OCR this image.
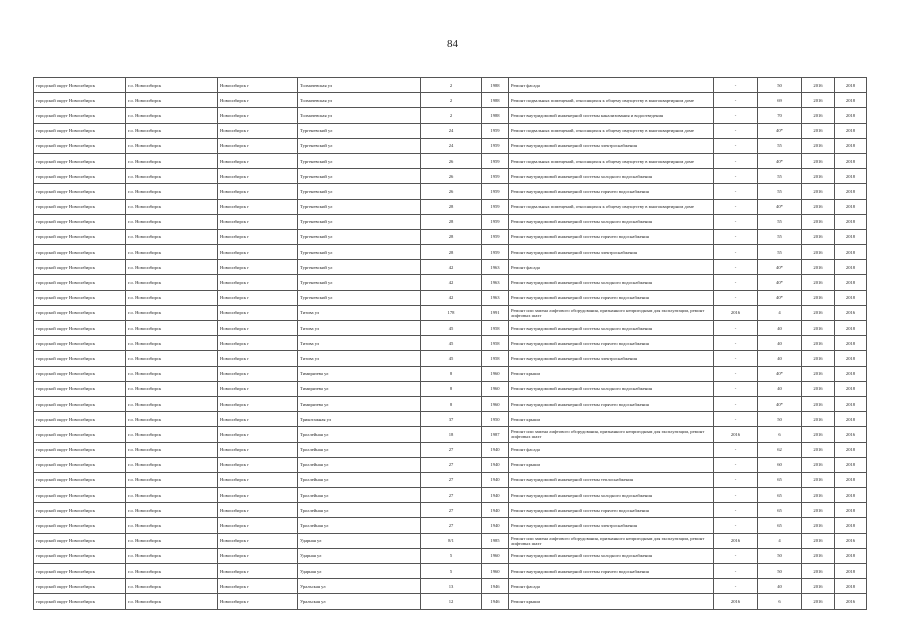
84
городской округ Новосибирск	г.о. Новосибирск	Новосибирск г	Толмачевская ул	2	1988	Ремонт фасада	-	50	2016	2018
городской округ Новосибирск	г.о. Новосибирск	Новосибирск г	Толмачевская ул	2	1988	Ремонт подвальных помещений, относящихся к общему имуществу в многоквартирном доме	-	69	2016	2018
городской округ Новосибирск	г.о. Новосибирск	Новосибирск г	Толмачевская ул	2	1988	Ремонт внутридомовой инженерной системы канализования и водоотведения	-	70	2016	2018
городской округ Новосибирск	г.о. Новосибирск	Новосибирск г	Тургеневский ул	24	1959	Ремонт подвальных помещений, относящихся к общему имуществу в многоквартирном доме	-	40*	2016	2018
городской округ Новосибирск	г.о. Новосибирск	Новосибирск г	Тургеневский ул	24	1959	Ремонт внутридомовой инженерной системы электроснабжения	-	55	2016	2018
городской округ Новосибирск	г.о. Новосибирск	Новосибирск г	Тургеневский ул	26	1959	Ремонт подвальных помещений, относящихся к общему имуществу в многоквартирном доме	-	40*	2016	2018
городской округ Новосибирск	г.о. Новосибирск	Новосибирск г	Тургеневский ул	26	1959	Ремонт внутридомовой инженерной системы холодного водоснабжения	-	55	2016	2018
городской округ Новосибирск	г.о. Новосибирск	Новосибирск г	Тургеневский ул	26	1959	Ремонт внутридомовой инженерной системы горячего водоснабжения	-	55	2016	2018
городской округ Новосибирск	г.о. Новосибирск	Новосибирск г	Тургеневский ул	28	1959	Ремонт подвальных помещений, относящихся к общему имуществу в многоквартирном доме	-	40*	2016	2018
городской округ Новосибирск	г.о. Новосибирск	Новосибирск г	Тургеневский ул	28	1959	Ремонт внутридомовой инженерной системы холодного водоснабжения	-	55	2016	2018
городской округ Новосибирск	г.о. Новосибирск	Новосибирск г	Тургеневский ул	28	1959	Ремонт внутридомовой инженерной системы горячего водоснабжения	-	55	2016	2018
городской округ Новосибирск	г.о. Новосибирск	Новосибирск г	Тургеневский ул	28	1959	Ремонт внутридомовой инженерной системы электроснабжения	-	55	2016	2018
городской округ Новосибирск	г.о. Новосибирск	Новосибирск г	Тургеневский ул	42	1963	Ремонт фасада	-	40*	2016	2018
городской округ Новосибирск	г.о. Новосибирск	Новосибирск г	Тургеневский ул	42	1963	Ремонт внутридомовой инженерной системы холодного водоснабжения	-	40*	2016	2018
городской округ Новосибирск	г.о. Новосибирск	Новосибирск г	Тургеневский ул	42	1963	Ремонт внутридомовой инженерной системы горячего водоснабжения	-	40*	2016	2018
городской округ Новосибирск	г.о. Новосибирск	Новосибирск г	Титова ул	178	1991	Ремонт или замена лифтового оборудования, признанного непригодным для эксплуатации, ремонт лифтовых шахт	2016	4	2016	2016
городской округ Новосибирск	г.о. Новосибирск	Новосибирск г	Титова ул	45	1958	Ремонт внутридомовой инженерной системы холодного водоснабжения	-	40	2016	2018
городской округ Новосибирск	г.о. Новосибирск	Новосибирск г	Титова ул	45	1958	Ремонт внутридомовой инженерной системы горячего водоснабжения	-	40	2016	2018
городской округ Новосибирск	г.о. Новосибирск	Новосибирск г	Титова ул	45	1958	Ремонт внутридомовой инженерной системы электроснабжения	-	40	2016	2018
городской округ Новосибирск	г.о. Новосибирск	Новосибирск г	Тимирязева ул	8	1960	Ремонт крыши	-	40*	2016	2018
городской округ Новосибирск	г.о. Новосибирск	Новосибирск г	Тимирязева ул	8	1960	Ремонт внутридомовой инженерной системы холодного водоснабжения	-	40	2016	2018
городской округ Новосибирск	г.о. Новосибирск	Новосибирск г	Тимирязева ул	8	1960	Ремонт внутридомовой инженерной системы горячего водоснабжения	-	40*	2016	2018
городской округ Новосибирск	г.о. Новосибирск	Новосибирск г	Трикотажная ул	37	1950	Ремонт крыши	-	50	2016	2018
городской округ Новосибирск	г.о. Новосибирск	Новосибирск г	Троллейная ул	18	1987	Ремонт или замена лифтового оборудования, признанного непригодным для эксплуатации, ремонт лифтовых шахт	2016	6	2016	2016
городской округ Новосибирск	г.о. Новосибирск	Новосибирск г	Троллейная ул	27	1940	Ремонт фасада	-	62	2016	2018
городской округ Новосибирск	г.о. Новосибирск	Новосибирск г	Троллейная ул	27	1940	Ремонт крыши	-	60	2016	2018
городской округ Новосибирск	г.о. Новосибирск	Новосибирск г	Троллейная ул	27	1940	Ремонт внутридомовой инженерной системы теплоснабжения	-	65	2016	2018
городской округ Новосибирск	г.о. Новосибирск	Новосибирск г	Троллейная ул	27	1940	Ремонт внутридомовой инженерной системы холодного водоснабжения	-	65	2016	2018
городской округ Новосибирск	г.о. Новосибирск	Новосибирск г	Троллейная ул	27	1940	Ремонт внутридомовой инженерной системы горячего водоснабжения	-	65	2016	2018
городской округ Новосибирск	г.о. Новосибирск	Новосибирск г	Троллейная ул	27	1940	Ремонт внутридомовой инженерной системы электроснабжения	-	65	2016	2018
городской округ Новосибирск	г.о. Новосибирск	Новосибирск г	Ударная ул	8/1	1985	Ремонт или замена лифтового оборудования, признанного непригодным для эксплуатации, ремонт лифтовых шахт	2016	4	2016	2016
городской округ Новосибирск	г.о. Новосибирск	Новосибирск г	Ударная ул	5	1960	Ремонт внутридомовой инженерной системы холодного водоснабжения	-	50	2016	2018
городской округ Новосибирск	г.о. Новосибирск	Новосибирск г	Ударная ул	5	1960	Ремонт внутридомовой инженерной системы горячего водоснабжения	-	50	2016	2018
городской округ Новосибирск	г.о. Новосибирск	Новосибирск г	Уральская ул	13	1946	Ремонт фасада	-	40	2016	2018
городской округ Новосибирск	г.о. Новосибирск	Новосибирск г	Уральская ул	12	1946	Ремонт крыши	2016	6	2016	2016
